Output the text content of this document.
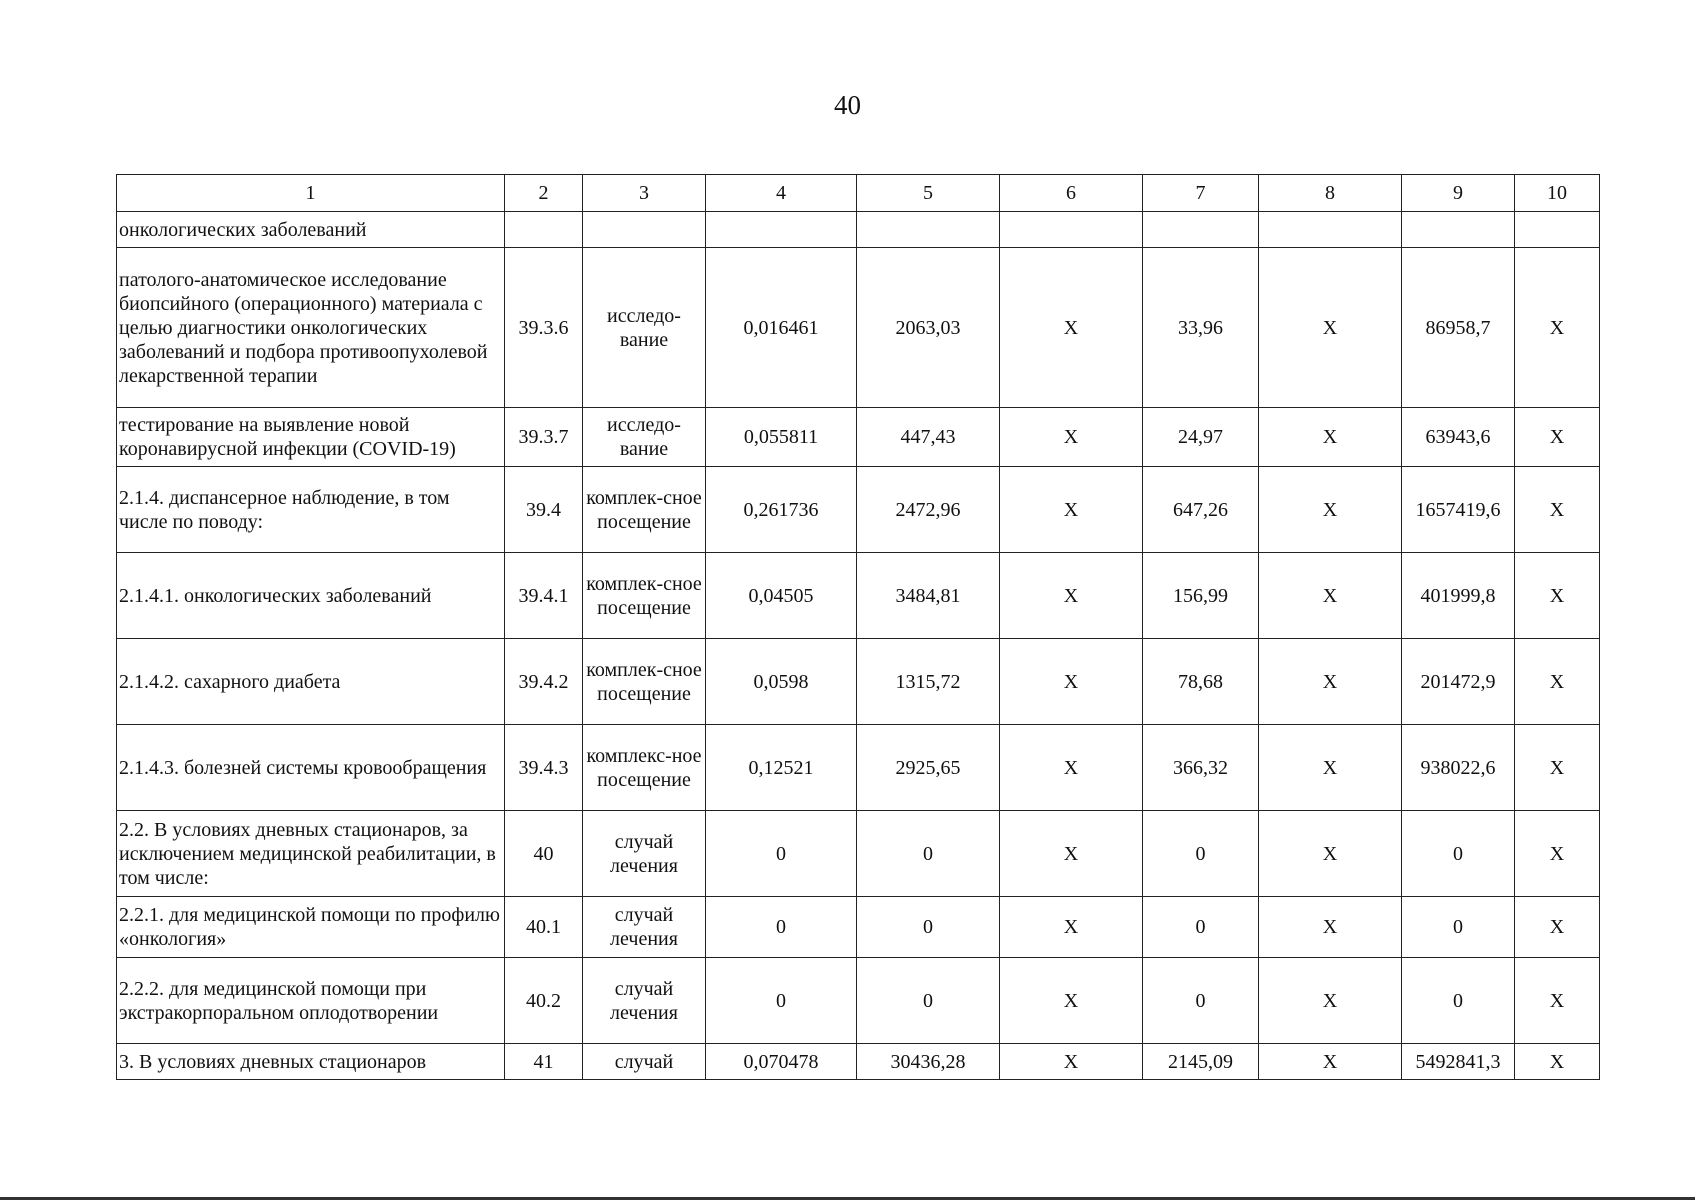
40
1	2	3	4	5	6	7	8	9	10
онкологических заболеваний									
патолого-анатомическое исследование биопсийного (операционного) материала с целью диагностики онкологических заболеваний и подбора противоопухолевой лекарственной терапии	39.3.6	исследо-вание	0,016461	2063,03	X	33,96	X	86958,7	X
тестирование на выявление новой коронавирусной инфекции (COVID-19)	39.3.7	исследо-вание	0,055811	447,43	X	24,97	X	63943,6	X
2.1.4. диспансерное наблюдение, в том числе по поводу:	39.4	комплек-сное посещение	0,261736	2472,96	X	647,26	X	1657419,6	X
2.1.4.1. онкологических заболеваний	39.4.1	комплек-сное посещение	0,04505	3484,81	X	156,99	X	401999,8	X
2.1.4.2. сахарного диабета	39.4.2	комплек-сное посещение	0,0598	1315,72	X	78,68	X	201472,9	X
2.1.4.3. болезней системы кровообращения	39.4.3	комплекс-ное посещение	0,12521	2925,65	X	366,32	X	938022,6	X
2.2. В условиях дневных стационаров, за исключением медицинской реабилитации, в том числе:	40	случай лечения	0	0	X	0	X	0	X
2.2.1. для медицинской помощи по профилю «онкология»	40.1	случай лечения	0	0	X	0	X	0	X
2.2.2. для медицинской помощи при экстракорпоральном оплодотворении	40.2	случай лечения	0	0	X	0	X	0	X
3. В условиях дневных стационаров	41	случай	0,070478	30436,28	X	2145,09	X	5492841,3	X
